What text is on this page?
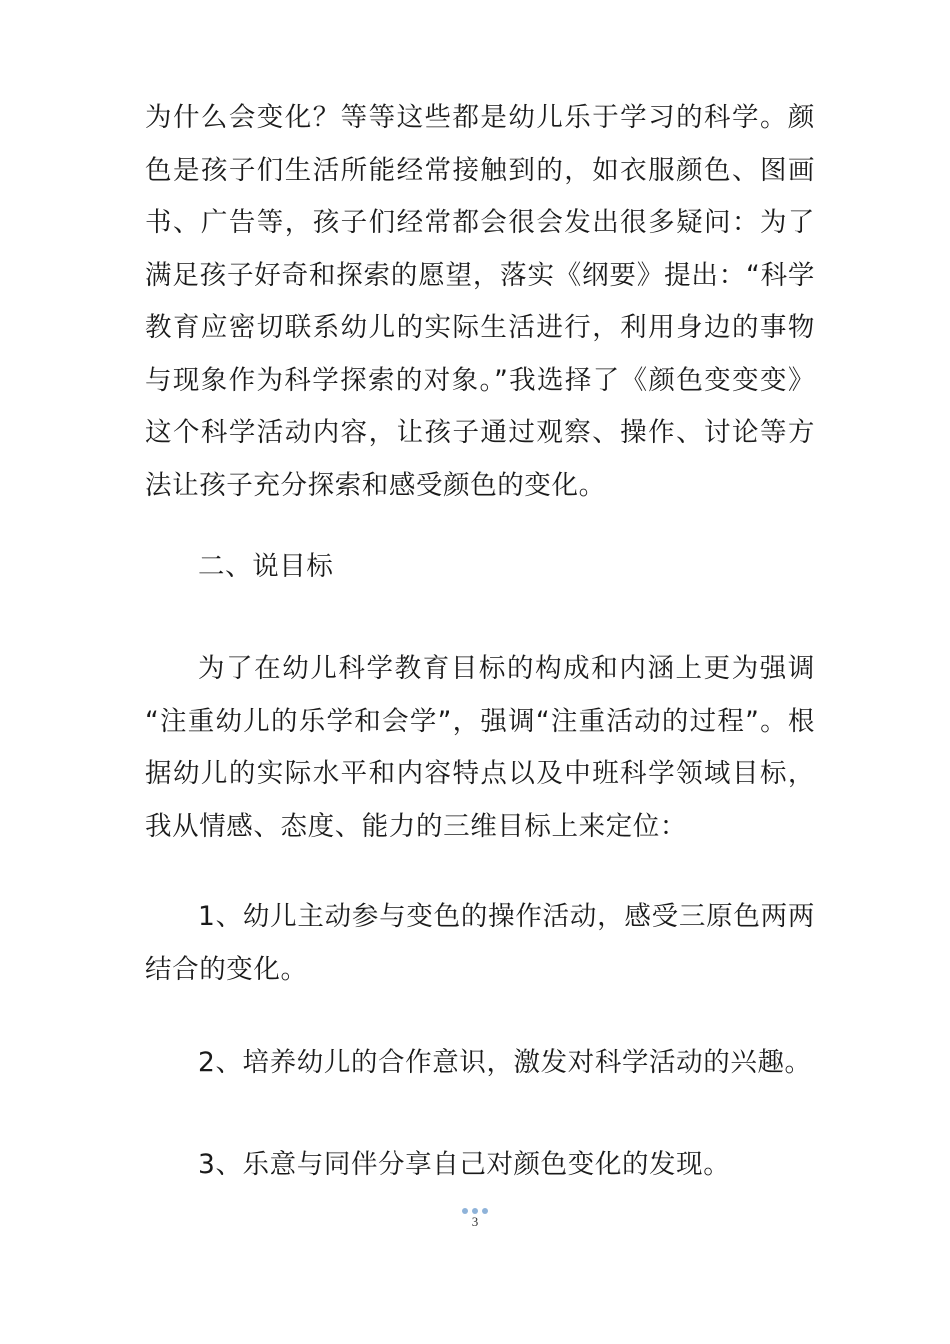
为什么会变化？等等这些都是幼儿乐于学习的科学。颜色是孩子们生活所能经常接触到的，如衣服颜色、图画书、广告等，孩子们经常都会很会发出很多疑问：为了满足孩子好奇和探索的愿望，落实《纲要》提出：“科学教育应密切联系幼儿的实际生活进行，利用身边的事物与现象作为科学探索的对象。”我选择了《颜色变变变》这个科学活动内容，让孩子通过观察、操作、讨论等方法让孩子充分探索和感受颜色的变化。

二、说目标

为了在幼儿科学教育目标的构成和内涵上更为强调 “注重幼儿的乐学和会学”，强调“注重活动的过程”。根据幼儿的实际水平和内容特点以及中班科学领域目标，我从情感、态度、能力的三维目标上来定位：

1、幼儿主动参与变色的操作活动，感受三原色两两结合的变化。

2、培养幼儿的合作意识，激发对科学活动的兴趣。

3、乐意与同伴分享自己对颜色变化的发现。

3
